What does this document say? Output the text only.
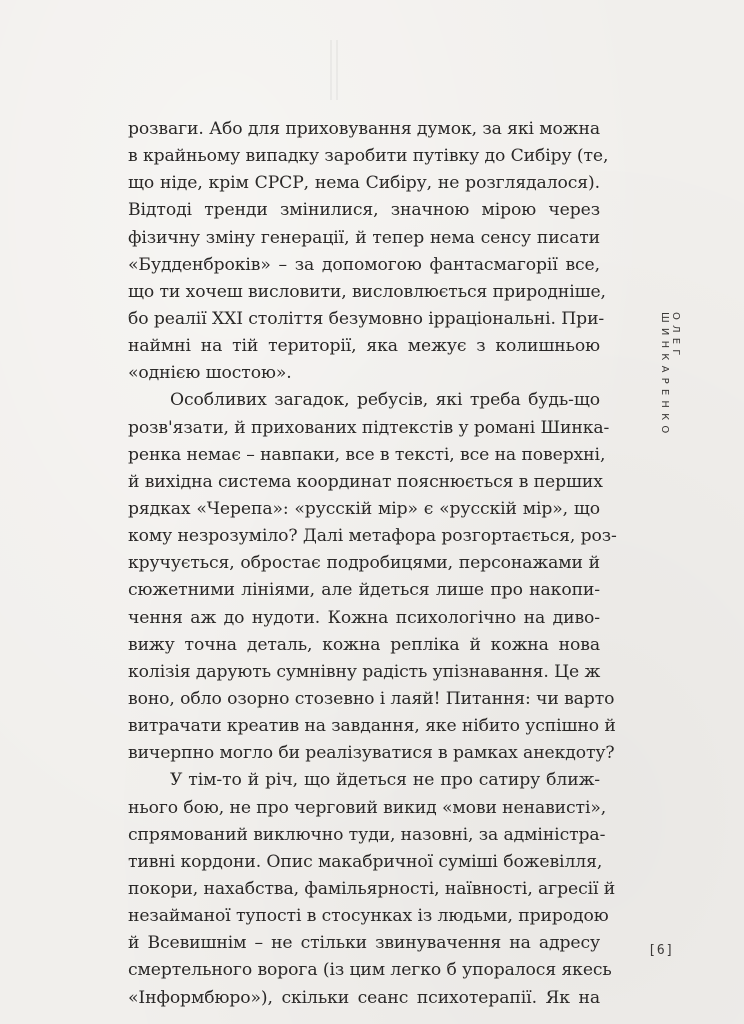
розваги. Або для приховування думок, за які можна
в крайньому випадку заробити путівку до Сибіру (те,
що ніде, крім СРСР, нема Сибіру, не розглядалося).
Відтоді тренди змінилися, значною мірою через
фізичну зміну генерації, й тепер нема сенсу писати
«Будденброків» – за допомогою фантасмагорії все,
що ти хочеш висловити, висловлюється природніше,
бо реалії XXI століття безумовно ірраціональні. При-
наймні на тій території, яка межує з колишньою
«однією шостою».
Особливих загадок, ребусів, які треба будь-що
розв'язати, й прихованих підтекстів у романі Шинка-
ренка немає – навпаки, все в тексті, все на поверхні,
й вихідна система координат пояснюється в перших
рядках «Черепа»: «русскій мір» є «русскій мір», що
кому незрозуміло? Далі метафора розгортається, роз-
кручується, обростає подробицями, персонажами й
сюжетними лініями, але йдеться лише про накопи-
чення аж до нудоти. Кожна психологічно на диво-
вижу точна деталь, кожна репліка й кожна нова
колізія дарують сумнівну радість упізнавання. Це ж
воно, обло озорно стозевно і лаяй! Питання: чи варто
витрачати креатив на завдання, яке нібито успішно й
вичерпно могло би реалізуватися в рамках анекдоту?
У тім-то й річ, що йдеться не про сатиру ближ-
нього бою, не про черговий викид «мови ненависті»,
спрямований виключно туди, назовні, за адміністра-
тивні кордони. Опис макабричної суміші божевілля,
покори, нахабства, фамільярності, наївності, агресії й
незайманої тупості в стосунках із людьми, природою
й Всевишнім – не стільки звинувачення на адресу
смертельного ворога (із цим легко б упоралося якесь
«Інформбюро»), скільки сеанс психотерапії. Як на
ОЛЕГ ШИНКАРЕНКО
[6]
